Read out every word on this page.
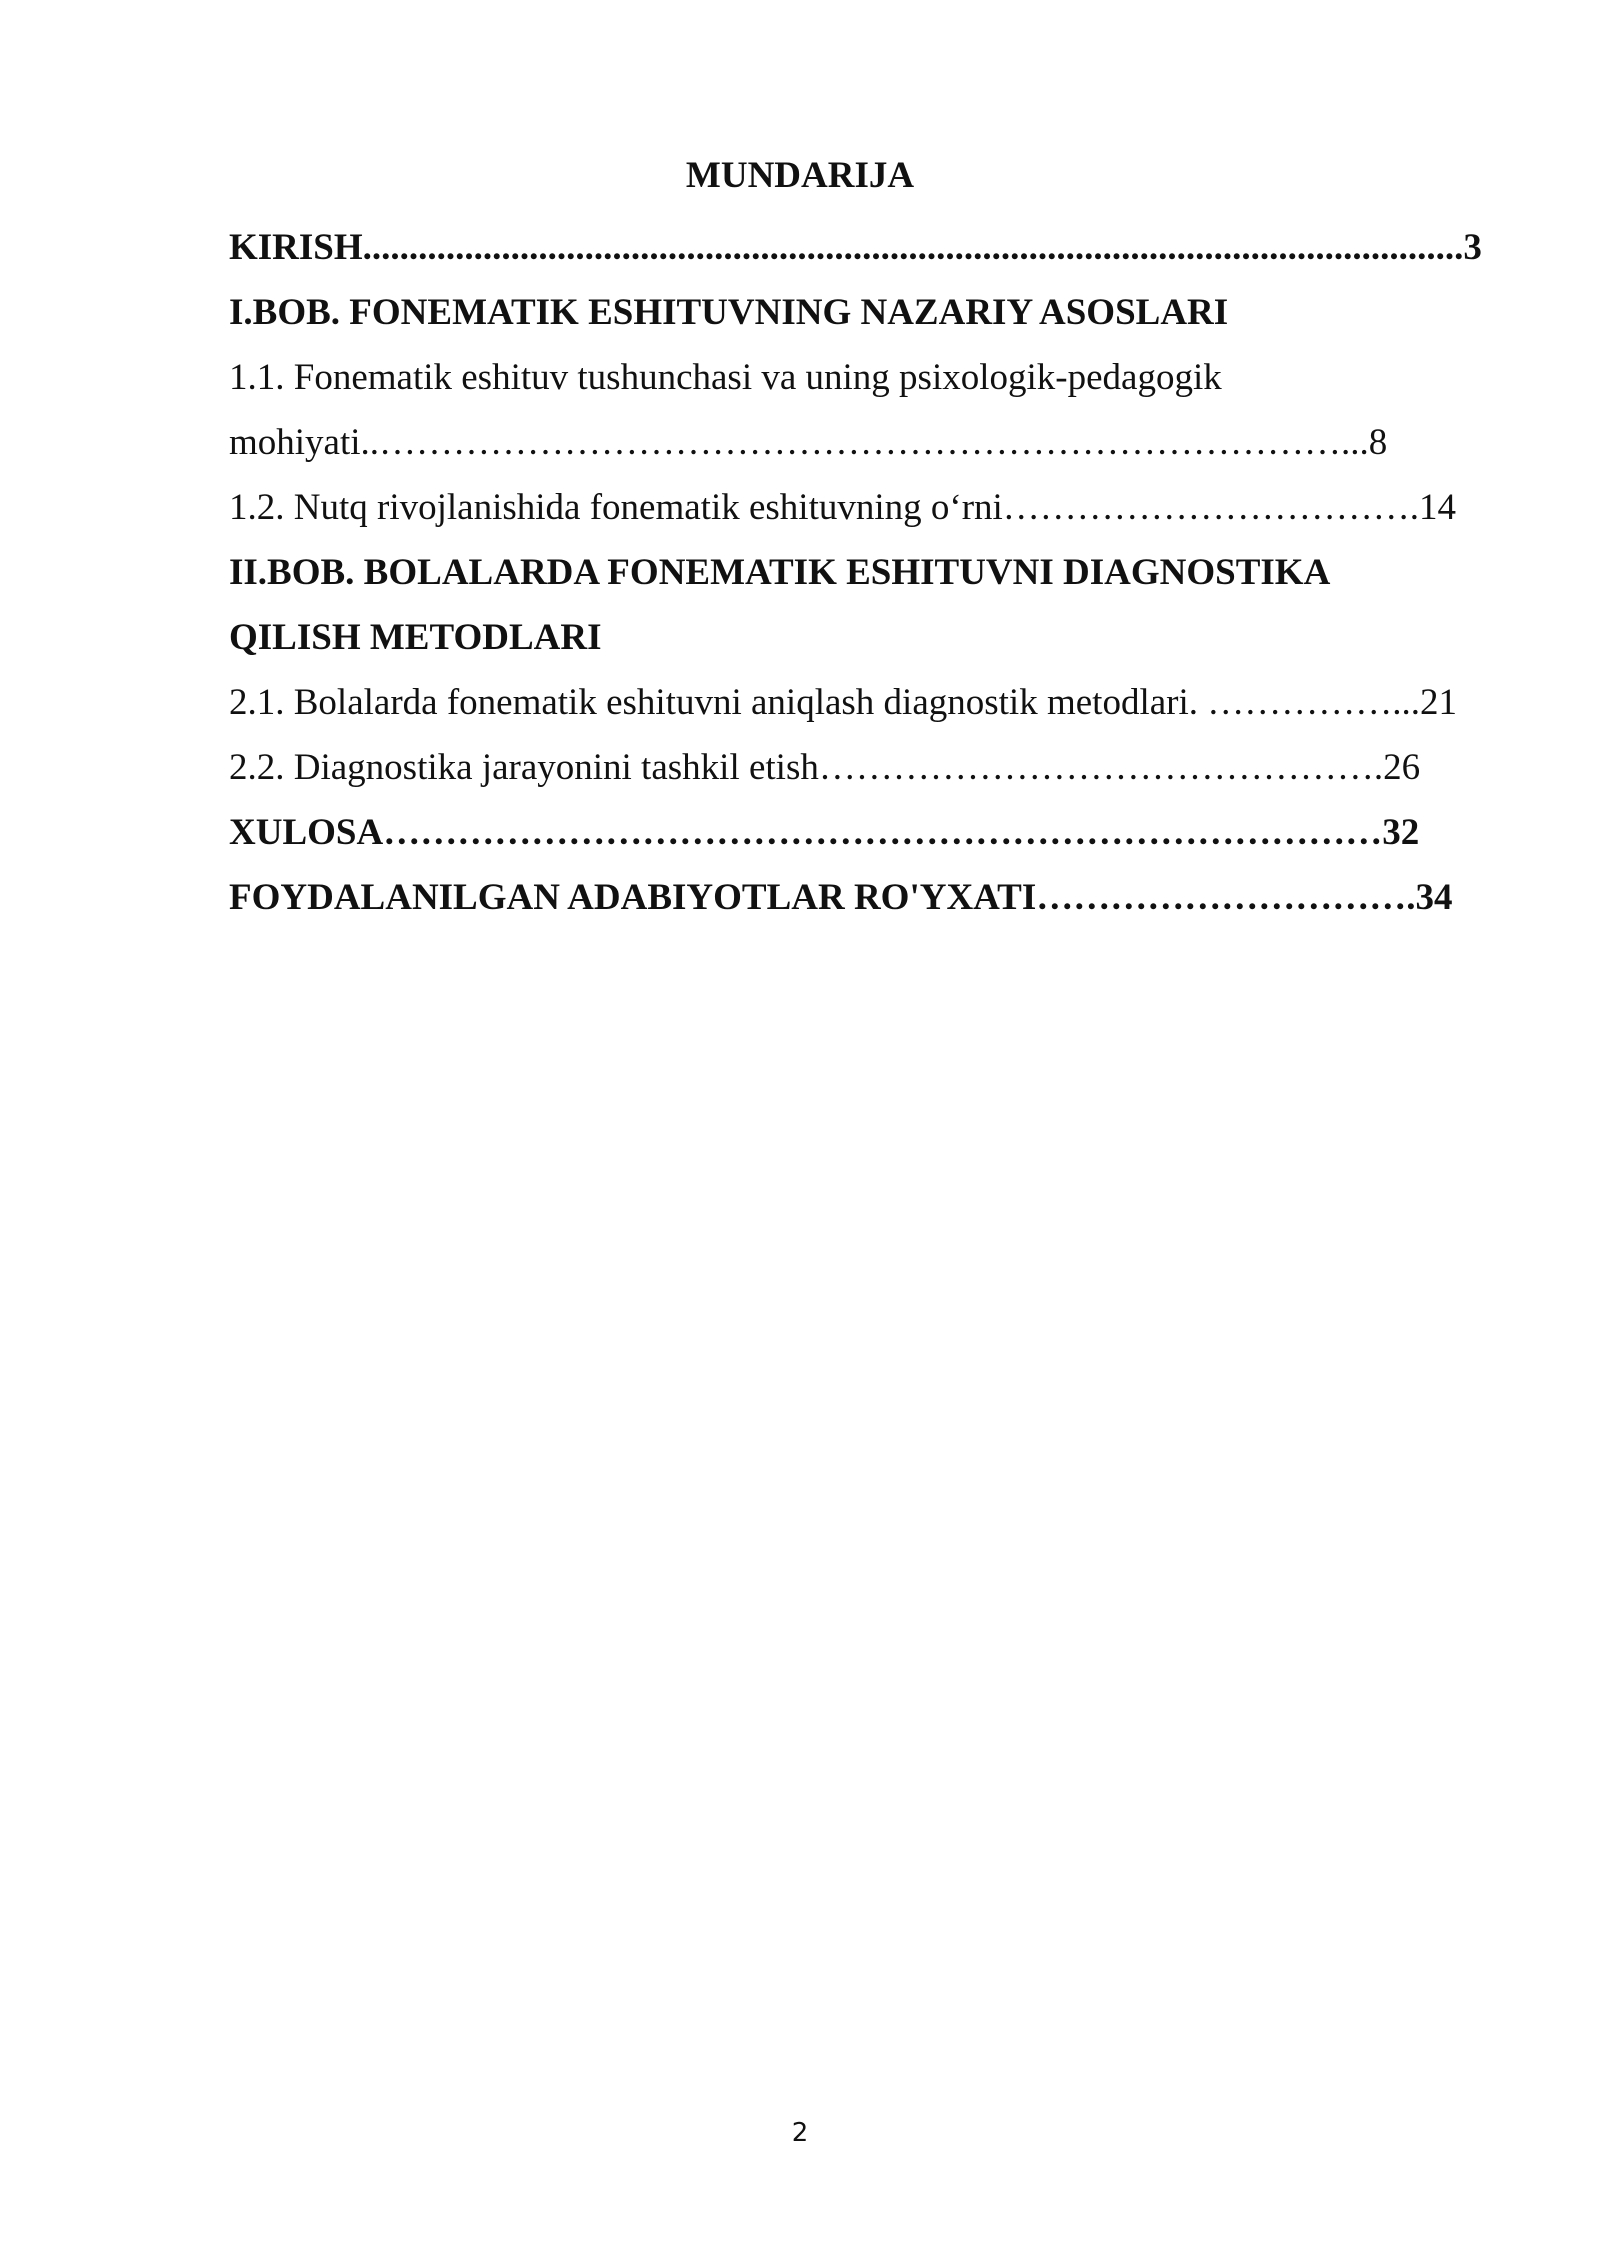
MUNDARIJA
KIRISH.......................................................................................................................3
I.BOB. FONEMATIK ESHITUVNING NAZARIY ASOSLARI
1.1. Fonematik eshituv tushunchasi va uning psixologik-pedagogik
mohiyati..……………………………………………………………………...8
1.2. Nutq rivojlanishida fonematik eshituvning o‘rni…………………………….14
II.BOB. BOLALARDA FONEMATIK ESHITUVNI DIAGNOSTIKA
QILISH METODLARI
2.1. Bolalarda fonematik eshituvni aniqlash diagnostik metodlari. ……………...21
2.2. Diagnostika jarayonini tashkil etish……………………………………….26
XULOSA………………………………………………………………………32
FOYDALANILGAN ADABIYOTLAR RO'YXATI………………………….34
2
